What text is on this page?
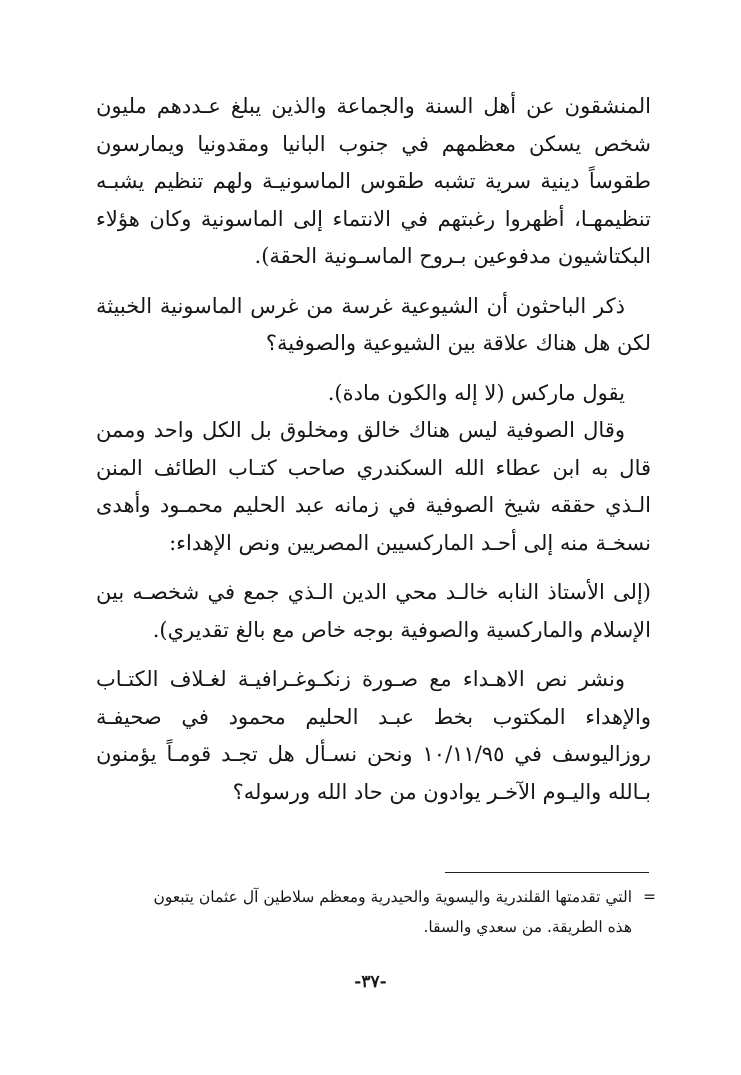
المنشقون عن أهل السنة والجماعة والذين يبلغ عـددهم مليون شخص يسكن معظمهم في جنوب البانيا ومقدونيا ويمارسون طقوساً دينية سرية تشبه طقوس الماسونيـة ولهم تنظيم يشبـه تنظيمهـا، أظهروا رغبتهم في الانتماء إلى الماسونية وكان هؤلاء البكتاشيون مدفوعين بـروح الماسـونية الحقة).

ذكر الباحثون أن الشيوعية غرسة من غرس الماسونية الخبيثة لكن هل هناك علاقة بين الشيوعية والصوفية؟

يقول ماركس (لا إله والكون مادة).

وقال الصوفية ليس هناك خالق ومخلوق بل الكل واحد وممن قال به ابن عطاء الله السكندري صاحب كتـاب الطائف المنن الـذي حققه شيخ الصوفية في زمانه عبد الحليم محمـود وأهدى نسخـة منه إلى أحـد الماركسيين المصريين ونص الإهداء:

(إلى الأستاذ النابه خالـد محي الدين الـذي جمع في شخصـه بين الإسلام والماركسية والصوفية بوجه خاص مع بالغ تقديري).

ونشر نص الاهـداء مع صـورة زنكـوغـرافيـة لغـلاف الكتـاب والإهداء المكتوب بخط عبـد الحليم محمود في صحيفـة روزاليوسف في ١٠/١١/٩٥ ونحن نسـأل هل تجـد قومـاً يؤمنون بـالله واليـوم الآخـر يوادون من حاد الله ورسوله؟

=التي تقدمتها القلندرية واليسوية والحيدرية ومعظم سلاطين آل عثمان يتبعون
هذه الطريقة. من سعدي والسقا.
-٣٧-
